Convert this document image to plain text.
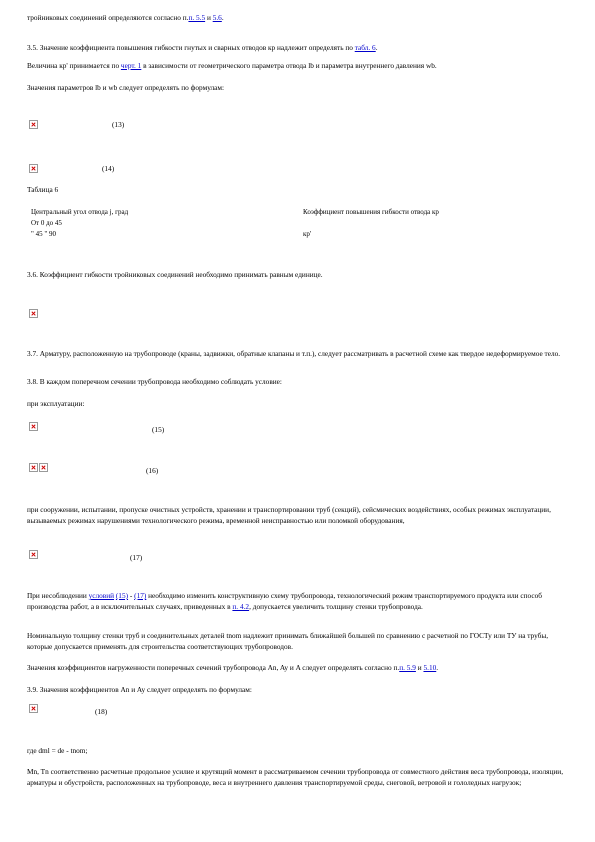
тройниковых соединений определяются согласно п.п. 5.5 и 5.6.

3.5. Значение коэффициента повышения гибкости гнутых и сварных отводов кр надлежит определять по табл. 6.

Величина кр' принимается по черт. 1 в зависимости от геометрического параметра отвода lb и параметра внутреннего давления wb.

Значения параметров lb и wb следует определять по формулам:

(13)
(14)

Таблица 6

Центральный угол отвода j, град	Коэффициент повышения гибкости отвода кр
От 0 до 45	
" 45 " 90	кр'

3.6. Коэффициент гибкости тройниковых соединений необходимо принимать равным единице.

3.7. Арматуру, расположенную на трубопроводе (краны, задвижки, обратные клапаны и т.п.), следует рассматривать в расчетной схеме как твердое недеформируемое тело.

3.8. В каждом поперечном сечении трубопровода необходимо соблюдать условие:

при эксплуатации:

(15)
(16)

при сооружении, испытании, пропуске очистных устройств, хранении и транспортировании труб (секций), сейсмических воздействиях, особых режимах эксплуатации, вызываемых режимах нарушениями технологического режима, временной неисправностью или поломкой оборудования,

(17)

При несоблюдении условий (15) - (17) необходимо изменить конструктивную схему трубопровода, технологический режим транспортируемого продукта или способ производства работ, а в исключительных случаях, приведенных в п. 4.2, допускается увеличить толщину стенки трубопровода.

Номинальную толщину стенки труб и соединительных деталей tnom надлежит принимать ближайшей большей по сравнению с расчетной по ГОСТу или ТУ на трубы, которые допускается применять для строительства соответствующих трубопроводов.

Значения коэффициентов нагруженности поперечных сечений трубопровода An, Ay и A следует определять согласно п.п. 5.9 и 5.10.

3.9. Значения коэффициентов An и Ay следует определять по формулам:

(18)

где dml = de - tnom;

Mn, Tn соответственно расчетные продольное усилие и крутящий момент в рассматриваемом сечении трубопровода от совместного действия веса трубопровода, изоляции, арматуры и обустройств, расположенных на трубопроводе, веса и внутреннего давления транспортируемой среды, снеговой, ветровой и гололедных нагрузок;
